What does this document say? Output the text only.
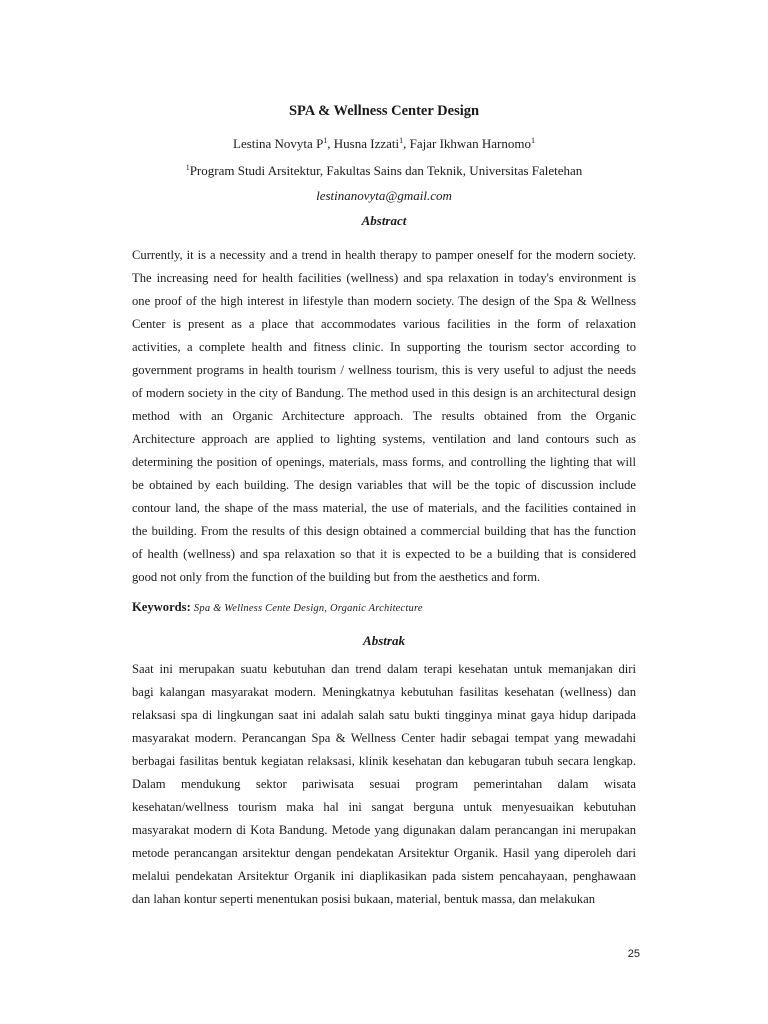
SPA & Wellness Center Design
Lestina Novyta $P^1$, Husna Izzati$^1$, Fajar Ikhwan Harnomo$^1$
$^1$Program Studi Arsitektur, Fakultas Sains dan Teknik, Universitas Faletehan
lestinanovyta@gmail.com
Abstract
Currently, it is a necessity and a trend in health therapy to pamper oneself for the modern society.
The increasing need for health facilities (wellness) and spa relaxation in today's environment is
one proof of the high interest in lifestyle than modern society. The design of the Spa & Wellness
Center is present as a place that accommodates various facilities in the form of relaxation
activities, a complete health and fitness clinic. In supporting the tourism sector according to
government programs in health tourism / wellness tourism, this is very useful to adjust the needs
of modern society in the city of Bandung. The method used in this design is an architectural design
method with an Organic Architecture approach. The results obtained from the Organic
Architecture approach are applied to lighting systems, ventilation and land contours such as
determining the position of openings, materials, mass forms, and controlling the lighting that will
be obtained by each building. The design variables that will be the topic of discussion include
contour land, the shape of the mass material, the use of materials, and the facilities contained in
the building. From the results of this design obtained a commercial building that has the function
of health (wellness) and spa relaxation so that it is expected to be a building that is considered
good not only from the function of the building but from the aesthetics and form.
Keywords: Spa & Wellness Cente Design, Organic Architecture
Abstrak
Saat ini merupakan suatu kebutuhan dan trend dalam terapi kesehatan untuk memanjakan diri
bagi kalangan masyarakat modern. Meningkatnya kebutuhan fasilitas kesehatan (wellness) dan
relaksasi spa di lingkungan saat ini adalah salah satu bukti tingginya minat gaya hidup daripada
masyarakat modern. Perancangan Spa & Wellness Center hadir sebagai tempat yang mewadahi
berbagai fasilitas bentuk kegiatan relaksasi, klinik kesehatan dan kebugaran tubuh secara lengkap.
Dalam mendukung sektor pariwisata sesuai program pemerintahan dalam wisata
kesehatan/wellness tourism maka hal ini sangat berguna untuk menyesuaikan kebutuhan
masyarakat modern di Kota Bandung. Metode yang digunakan dalam perancangan ini merupakan
metode perancangan arsitektur dengan pendekatan Arsitektur Organik. Hasil yang diperoleh dari
melalui pendekatan Arsitektur Organik ini diaplikasikan pada sistem pencahayaan, penghawaan
dan lahan kontur seperti menentukan posisi bukaan, material, bentuk massa, dan melakukan
25
